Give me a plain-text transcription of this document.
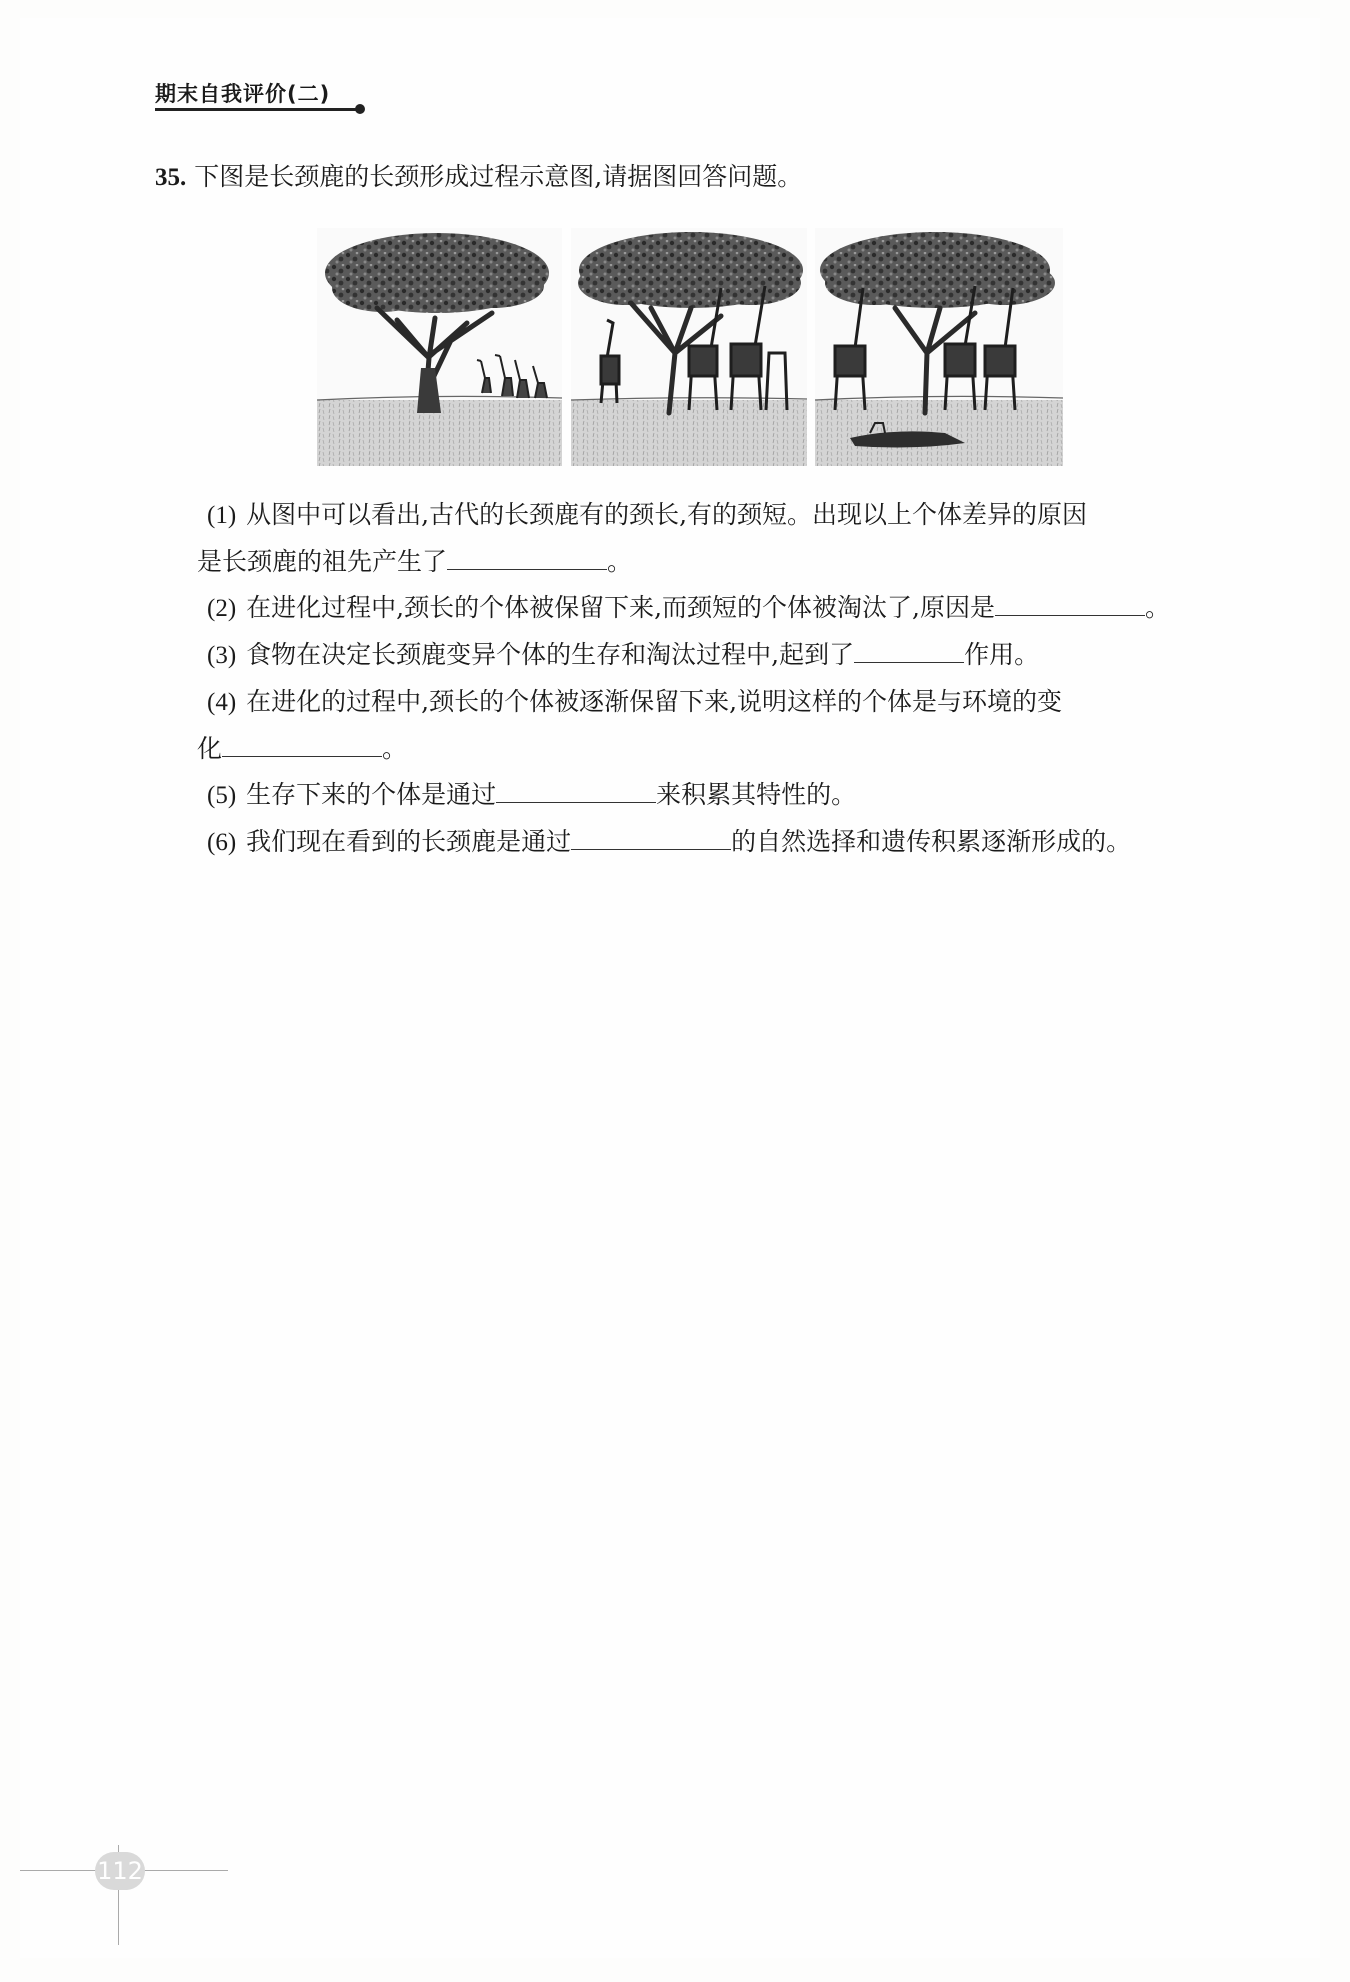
期末自我评价(二)
35. 下图是长颈鹿的长颈形成过程示意图,请据图回答问题。
(1) 从图中可以看出,古代的长颈鹿有的颈长,有的颈短。出现以上个体差异的原因
是长颈鹿的祖先产生了	。
(2) 在进化过程中,颈长的个体被保留下来,而颈短的个体被淘汰了,原因是	。
(3) 食物在决定长颈鹿变异个体的生存和淘汰过程中,起到了	作用。
(4) 在进化的过程中,颈长的个体被逐渐保留下来,说明这样的个体是与环境的变
化	。
(5) 生存下来的个体是通过	来积累其特性的。
(6) 我们现在看到的长颈鹿是通过	的自然选择和遗传积累逐渐形成的。
112
